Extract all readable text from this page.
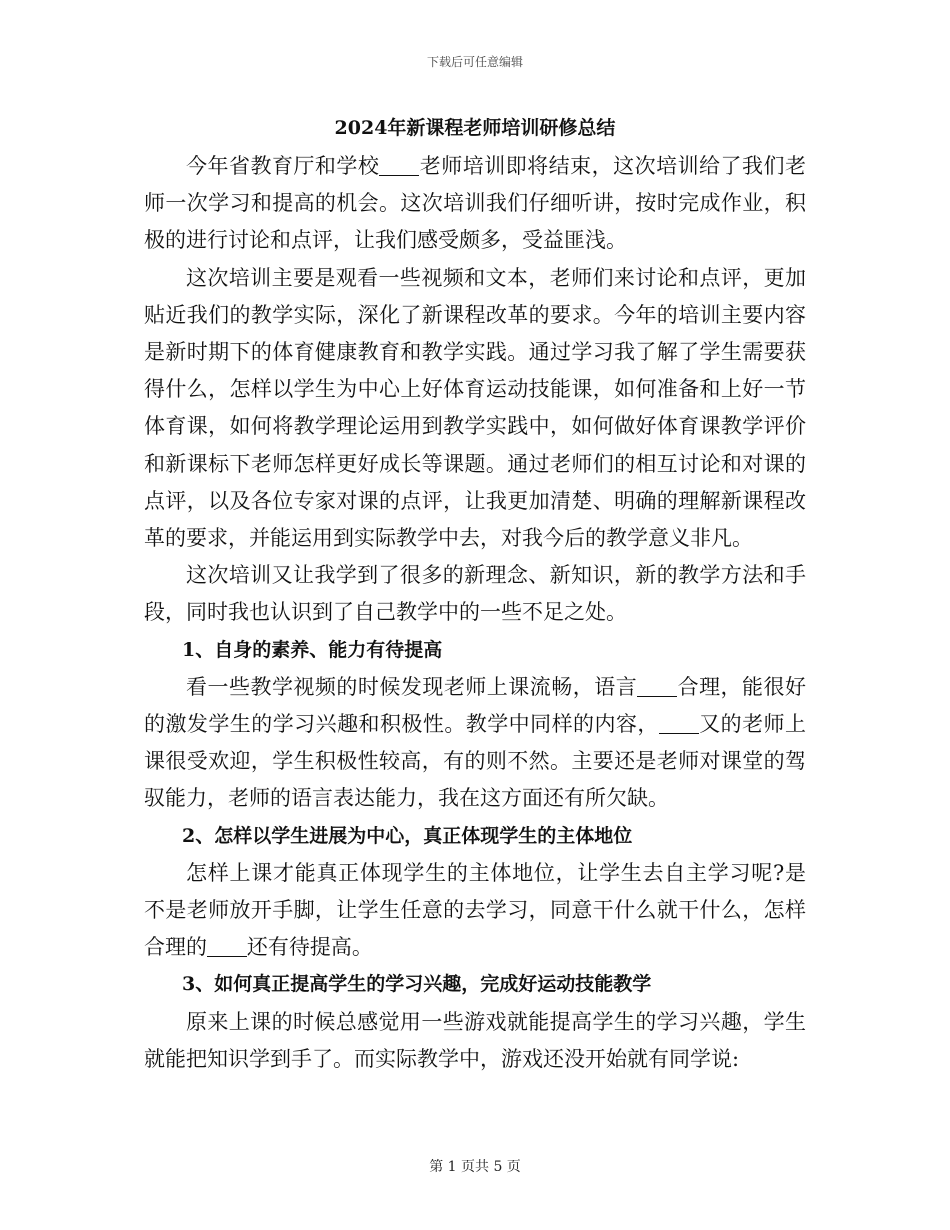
下载后可任意编辑
2024年新课程老师培训研修总结

今年省教育厅和学校 老师培训即将结束，这次培训给了我们老师一次学习和提高的机会。这次培训我们仔细听讲，按时完成作业，积极的进行讨论和点评，让我们感受颇多，受益匪浅。

这次培训主要是观看一些视频和文本，老师们来讨论和点评，更加贴近我们的教学实际，深化了新课程改革的要求。今年的培训主要内容是新时期下的体育健康教育和教学实践。通过学习我了解了学生需要获得什么，怎样以学生为中心上好体育运动技能课，如何准备和上好一节体育课，如何将教学理论运用到教学实践中，如何做好体育课教学评价和新课标下老师怎样更好成长等课题。通过老师们的相互讨论和对课的点评，以及各位专家对课的点评，让我更加清楚、明确的理解新课程改革的要求，并能运用到实际教学中去，对我今后的教学意义非凡。

这次培训又让我学到了很多的新理念、新知识，新的教学方法和手段，同时我也认识到了自己教学中的一些不足之处。

1、自身的素养、能力有待提高

看一些教学视频的时候发现老师上课流畅，语言 合理，能很好的激发学生的学习兴趣和积极性。教学中同样的内容， 又的老师上课很受欢迎，学生积极性较高，有的则不然。主要还是老师对课堂的驾驭能力，老师的语言表达能力，我在这方面还有所欠缺。

2、怎样以学生进展为中心，真正体现学生的主体地位

怎样上课才能真正体现学生的主体地位，让学生去自主学习呢?是不是老师放开手脚，让学生任意的去学习，同意干什么就干什么，怎样合理的 还有待提高。

3、如何真正提高学生的学习兴趣，完成好运动技能教学

原来上课的时候总感觉用一些游戏就能提高学生的学习兴趣，学生就能把知识学到手了。而实际教学中，游戏还没开始就有同学说:

第 1 页共 5 页
